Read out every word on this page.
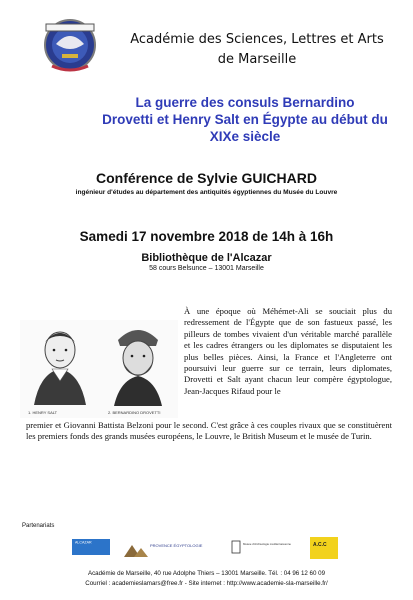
Académie des Sciences, Lettres et Arts
de Marseille
La guerre des consuls Bernardino
Drovetti et Henry Salt en Égypte au début du
XIXe siècle
Conférence de Sylvie GUICHARD
ingénieur d'études au département des antiquités égyptiennes du Musée du Louvre
Samedi 17 novembre 2018 de 14h à 16h
Bibliothèque de l'Alcazar
58 cours Belsunce – 13001 Marseille
1. HENRY SALT	2. BERNARDINO DROVETTI
À une époque où Méhémet-Ali se souciait plus du redressement de l'Égypte que de son fastueux passé, les pilleurs de tombes vivaient d'un véritable marché parallèle et les cadres étrangers ou les diplomates se disputaient les plus belles pièces. Ainsi, la France et l'Angleterre ont poursuivi leur guerre sur ce terrain, leurs diplomates, Drovetti et Salt ayant chacun leur compère égyptologue, Jean-Jacques Rifaud pour le
premier et Giovanni Battista Belzoni pour le second. C'est grâce à ces couples rivaux que se constituèrent les premiers fonds des grands musées européens, le Louvre, le British Museum et le musée de Turin.
Partenariats
ALCAZAR
PROVENCE ÉGYPTOLOGIE	Musée d'Archéologie méditerranéenne	A.C.C
Académie de Marseille, 40 rue Adolphe Thiers – 13001 Marseille. Tél. : 04 96 12 60 09
Courriel : academieslamars@free.fr - Site internet : http://www.academie-sla-marseille.fr/
